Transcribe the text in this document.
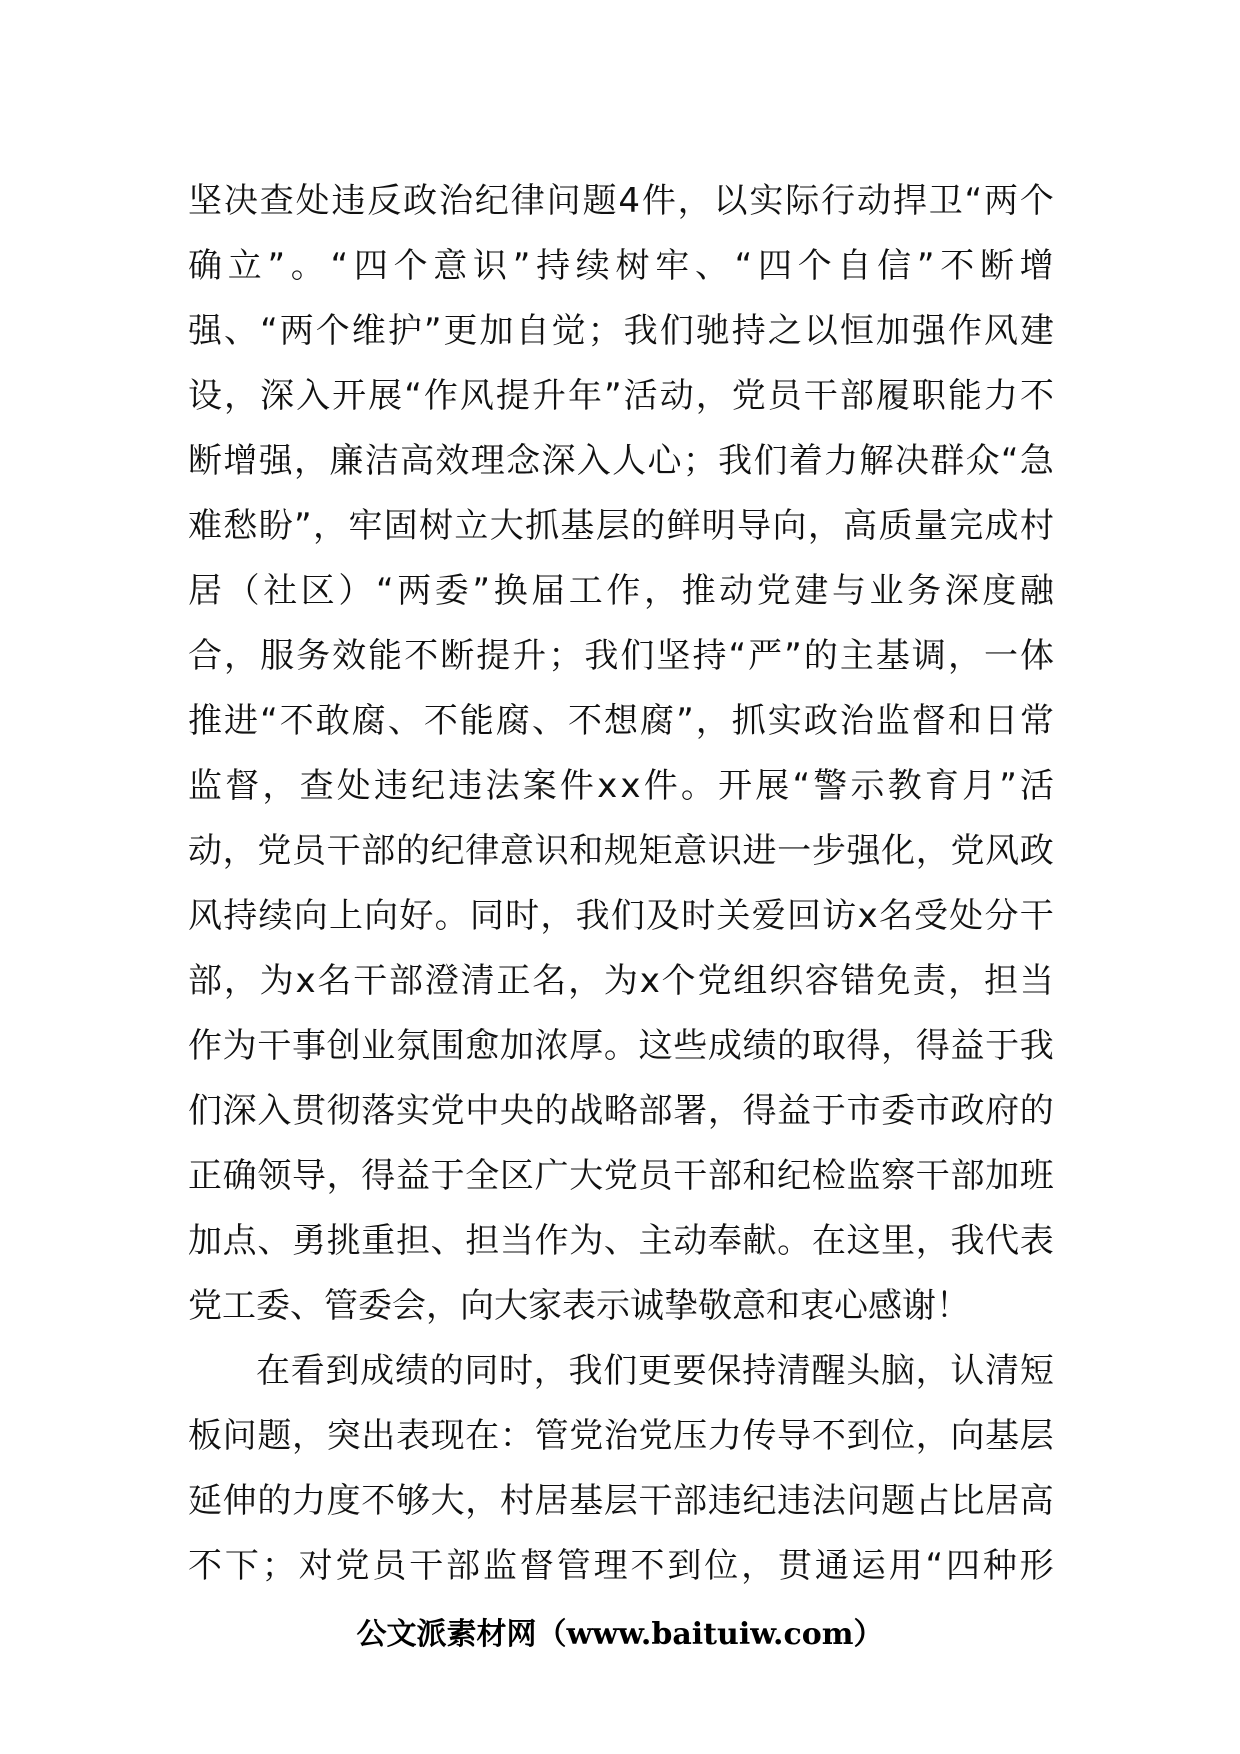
坚 决 查 处 违 反 政 治 纪 律 问 题 4 件 ， 以 实 际 行 动 捍 卫 “ 两 个
确 立 ” 。 “ 四 个 意 识 ” 持 续 树 牢 、 “ 四 个 自 信 ” 不 断 增
强 、 “ 两 个 维 护 ” 更 加 自 觉 ； 我 们 驰 持 之 以 恒 加 强 作 风 建
设 ， 深 入 开 展 “ 作 风 提 升 年 ” 活 动 ， 党 员 干 部 履 职 能 力 不
断 增 强 ， 廉 洁 高 效 理 念 深 入 人 心 ； 我 们 着 力 解 决 群 众 “ 急
难 愁 盼 ” ， 牢 固 树 立 大 抓 基 层 的 鲜 明 导 向 ， 高 质 量 完 成 村
居 （ 社 区 ） “ 两 委 ” 换 届 工 作 ， 推 动 党 建 与 业 务 深 度 融
合 ， 服 务 效 能 不 断 提 升 ； 我 们 坚 持 “ 严 ” 的 主 基 调 ， 一 体
推 进 “ 不 敢 腐 、 不 能 腐 、 不 想 腐 ” ， 抓 实 政 治 监 督 和 日 常
监 督 ， 查 处 违 纪 违 法 案 件 x x 件 。 开 展 “ 警 示 教 育 月 ” 活
动 ， 党 员 干 部 的 纪 律 意 识 和 规 矩 意 识 进 一 步 强 化 ， 党 风 政
风 持 续 向 上 向 好 。 同 时 ， 我 们 及 时 关 爱 回 访 x 名 受 处 分 干
部 ， 为 x 名 干 部 澄 清 正 名 ， 为 x 个 党 组 织 容 错 免 责 ， 担 当
作 为 干 事 创 业 氛 围 愈 加 浓 厚 。 这 些 成 绩 的 取 得 ， 得 益 于 我
们 深 入 贯 彻 落 实 党 中 央 的 战 略 部 署 ， 得 益 于 市 委 市 政 府 的
正 确 领 导 ， 得 益 于 全 区 广 大 党 员 干 部 和 纪 检 监 察 干 部 加 班
加 点 、 勇 挑 重 担 、 担 当 作 为 、 主 动 奉 献 。 在 这 里 ， 我 代 表
党工委、管委会，向大家表示诚挚敬意和衷心感谢！
在 看 到 成 绩 的 同 时 ， 我 们 更 要 保 持 清 醒 头 脑 ， 认 清 短
板 问 题 ， 突 出 表 现 在 ： 管 党 治 党 压 力 传 导 不 到 位 ， 向 基 层
延 伸 的 力 度 不 够 大 ， 村 居 基 层 干 部 违 纪 违 法 问 题 占 比 居 高
不 下 ； 对 党 员 干 部 监 督 管 理 不 到 位 ， 贯 通 运 用 “ 四 种 形
公文派素材网（www.baituiw.com）
